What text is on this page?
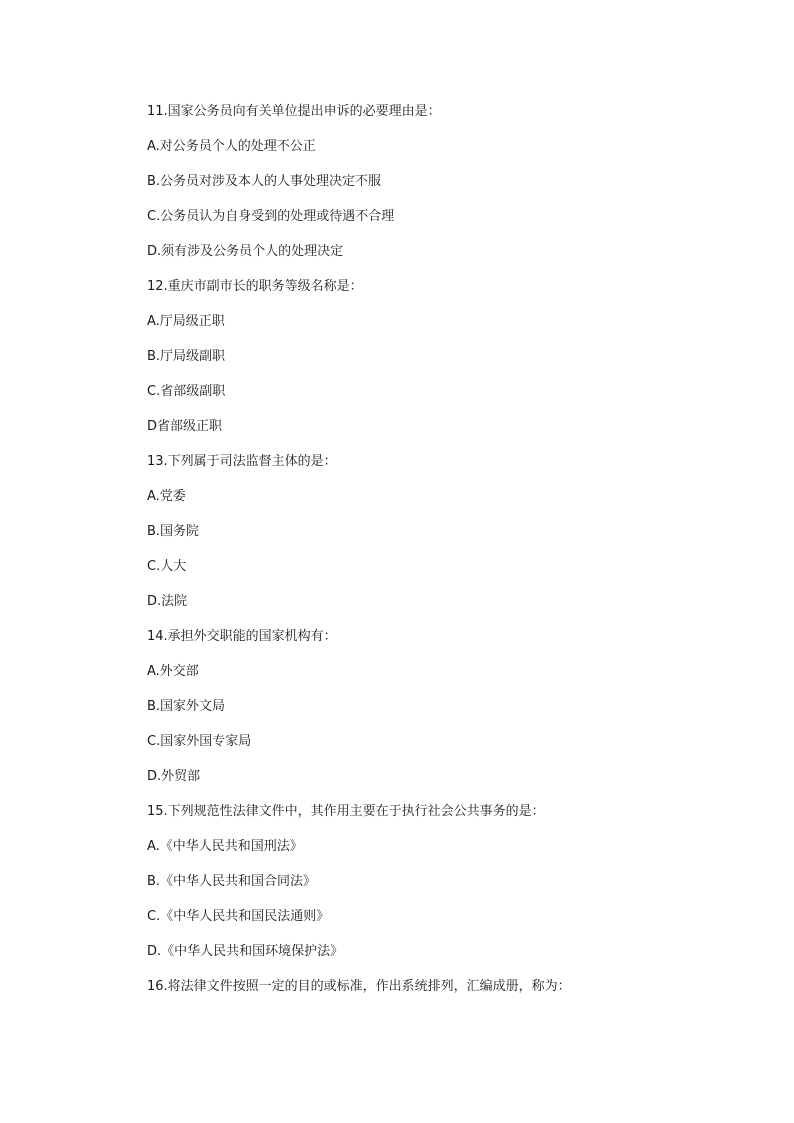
11.国家公务员向有关单位提出申诉的必要理由是：
A.对公务员个人的处理不公正
B.公务员对涉及本人的人事处理决定不服
C.公务员认为自身受到的处理或待遇不合理
D.须有涉及公务员个人的处理决定
12.重庆市副市长的职务等级名称是：
A.厅局级正职
B.厅局级副职
C.省部级副职
D省部级正职
13.下列属于司法监督主体的是：
A.党委
B.国务院
C.人大
D.法院
14.承担外交职能的国家机构有：
A.外交部
B.国家外文局
C.国家外国专家局
D.外贸部
15.下列规范性法律文件中，其作用主要在于执行社会公共事务的是：
A.《中华人民共和国刑法》
B.《中华人民共和国合同法》
C.《中华人民共和国民法通则》
D.《中华人民共和国环境保护法》
16.将法律文件按照一定的目的或标准，作出系统排列，汇编成册，称为：
